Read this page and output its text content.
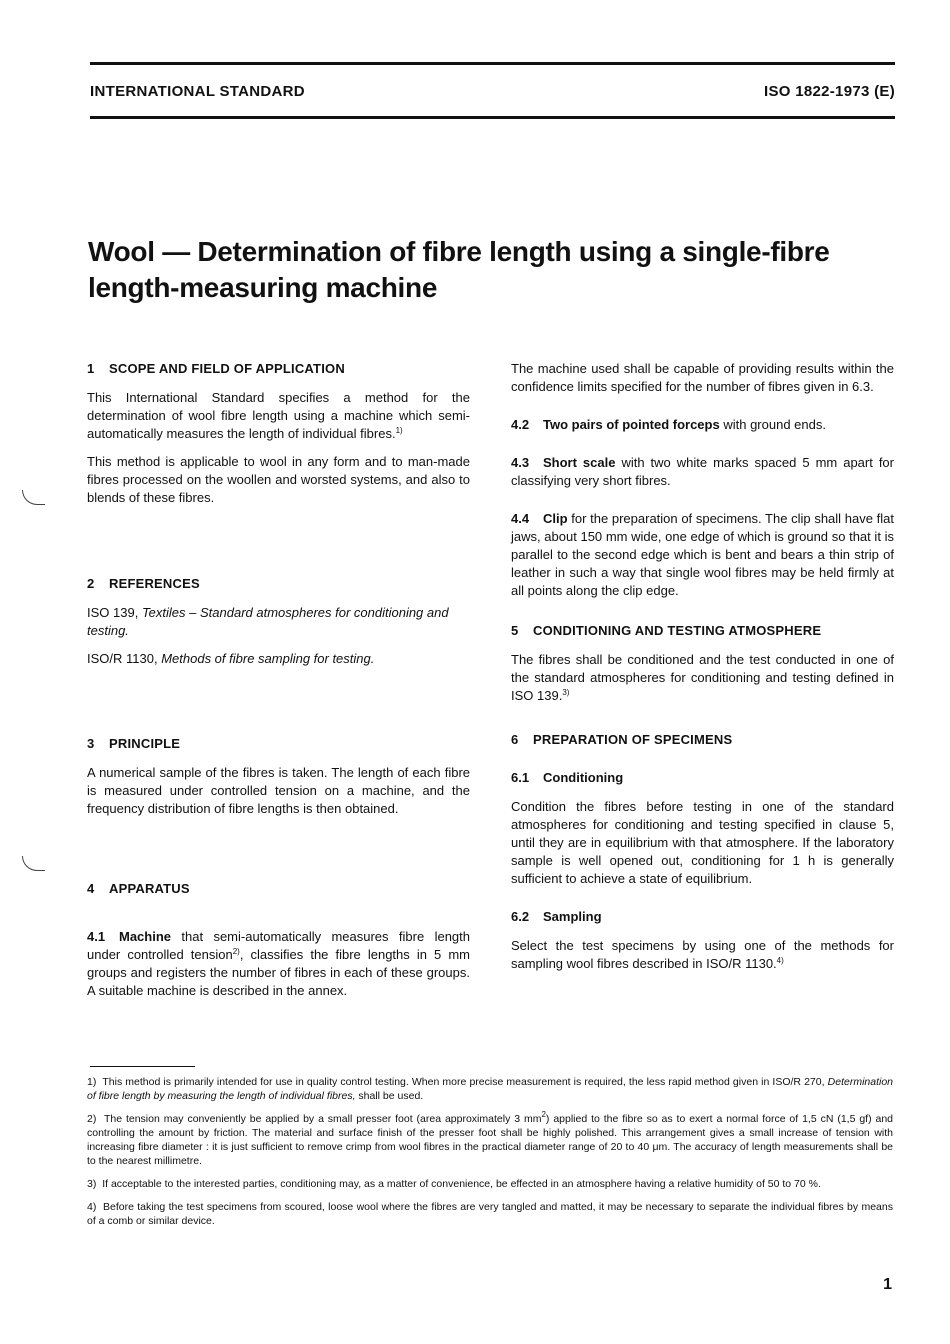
INTERNATIONAL STANDARD	ISO 1822-1973 (E)
Wool — Determination of fibre length using a single-fibre
length-measuring machine
1 SCOPE AND FIELD OF APPLICATION

This International Standard specifies a method for the determination of wool fibre length using a machine which semi-automatically measures the length of individual fibres.$^{1)}$

This method is applicable to wool in any form and to man-made fibres processed on the woollen and worsted systems, and also to blends of these fibres.

2 REFERENCES

ISO 139, Textiles – Standard atmospheres for conditioning and testing.

ISO/R 1130, Methods of fibre sampling for testing.

3 PRINCIPLE

A numerical sample of the fibres is taken. The length of each fibre is measured under controlled tension on a machine, and the frequency distribution of fibre lengths is then obtained.

4 APPARATUS

4.1 Machine that semi-automatically measures fibre length under controlled tension$^{2)}$, classifies the fibre lengths in 5 mm groups and registers the number of fibres in each of these groups. A suitable machine is described in the annex.

The machine used shall be capable of providing results within the confidence limits specified for the number of fibres given in 6.3.

4.2 Two pairs of pointed forceps with ground ends.

4.3 Short scale with two white marks spaced 5 mm apart for classifying very short fibres.

4.4 Clip for the preparation of specimens. The clip shall have flat jaws, about 150 mm wide, one edge of which is ground so that it is parallel to the second edge which is bent and bears a thin strip of leather in such a way that single wool fibres may be held firmly at all points along the clip edge.

5 CONDITIONING AND TESTING ATMOSPHERE

The fibres shall be conditioned and the test conducted in one of the standard atmospheres for conditioning and testing defined in ISO 139.$^{3)}$

6 PREPARATION OF SPECIMENS
6.1 Conditioning

Condition the fibres before testing in one of the standard atmospheres for conditioning and testing specified in clause 5, until they are in equilibrium with that atmosphere. If the laboratory sample is well opened out, conditioning for 1 h is generally sufficient to achieve a state of equilibrium.

6.2 Sampling

Select the test specimens by using one of the methods for sampling wool fibres described in ISO/R 1130.$^{4)}$

1) This method is primarily intended for use in quality control testing. When more precise measurement is required, the less rapid method given in ISO/R 270, Determination of fibre length by measuring the length of individual fibres, shall be used.

2) The tension may conveniently be applied by a small presser foot (area approximately 3 $mm^2$) applied to the fibre so as to exert a normal force of 1,5 cN (1,5 gf) and controlling the amount by friction. The material and surface finish of the presser foot shall be highly polished. This arrangement gives a small increase of tension with increasing fibre diameter : it is just sufficient to remove crimp from wool fibres in the practical diameter range of 20 to 40 μm. The accuracy of length measurements shall be to the nearest millimetre.

3) If acceptable to the interested parties, conditioning may, as a matter of convenience, be effected in an atmosphere having a relative humidity of 50 to 70 %.

4) Before taking the test specimens from scoured, loose wool where the fibres are very tangled and matted, it may be necessary to separate the individual fibres by means of a comb or similar device.

1
